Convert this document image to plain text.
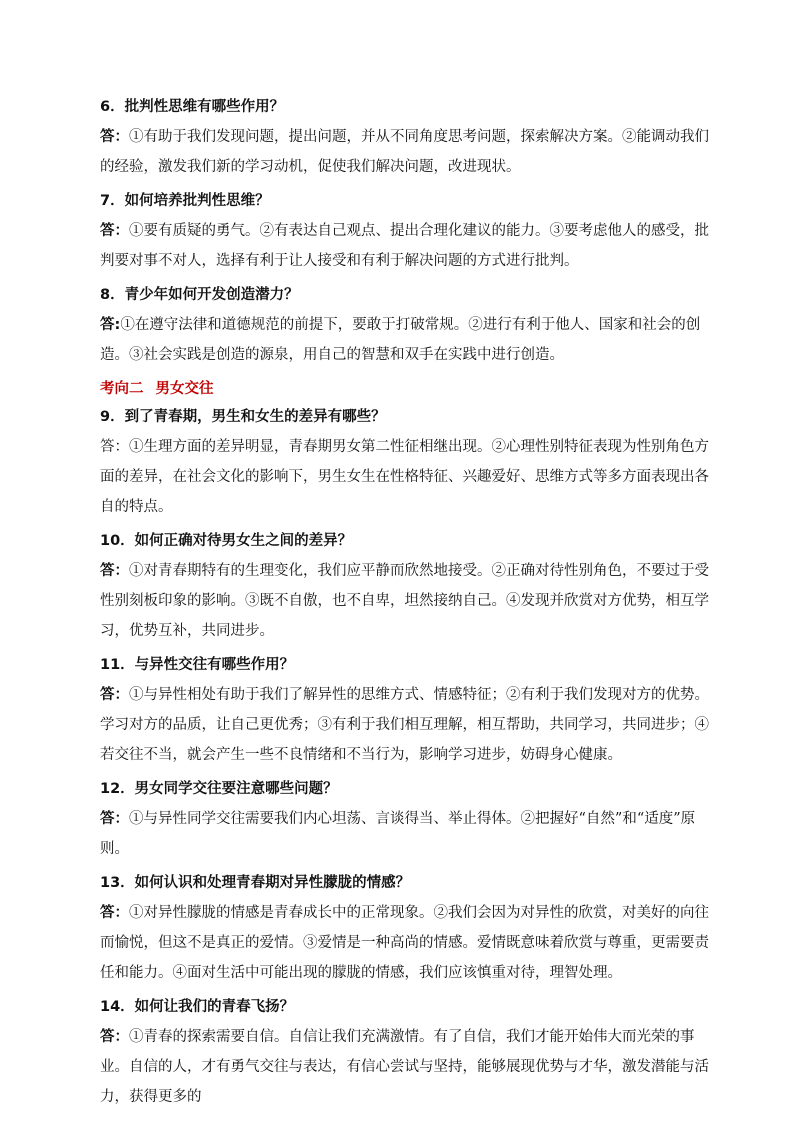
6．批判性思维有哪些作用？

答：①有助于我们发现问题，提出问题，并从不同角度思考问题，探索解决方案。②能调动我们的经验，激发我们新的学习动机，促使我们解决问题，改进现状。

7．如何培养批判性思维？

答：①要有质疑的勇气。②有表达自己观点、提出合理化建议的能力。③要考虑他人的感受，批判要对事不对人，选择有利于让人接受和有利于解决问题的方式进行批判。

8．青少年如何开发创造潜力？

答:①在遵守法律和道德规范的前提下，要敢于打破常规。②进行有利于他人、国家和社会的创造。③社会实践是创造的源泉，用自己的智慧和双手在实践中进行创造。

考向二 男女交往

9．到了青春期，男生和女生的差异有哪些？

答：①生理方面的差异明显，青春期男女第二性征相继出现。②心理性别特征表现为性别角色方面的差异，在社会文化的影响下，男生女生在性格特征、兴趣爱好、思维方式等多方面表现出各自的特点。

10．如何正确对待男女生之间的差异？

答：①对青春期特有的生理变化，我们应平静而欣然地接受。②正确对待性别角色，不要过于受性别刻板印象的影响。③既不自傲，也不自卑，坦然接纳自己。④发现并欣赏对方优势，相互学习，优势互补，共同进步。

11．与异性交往有哪些作用？

答：①与异性相处有助于我们了解异性的思维方式、情感特征；②有利于我们发现对方的优势。学习对方的品质，让自己更优秀；③有利于我们相互理解，相互帮助，共同学习，共同进步；④若交往不当，就会产生一些不良情绪和不当行为，影响学习进步，妨碍身心健康。

12．男女同学交往要注意哪些问题？

答：①与异性同学交往需要我们内心坦荡、言谈得当、举止得体。②把握好“自然”和“适度”原则。

13．如何认识和处理青春期对异性朦胧的情感？

答：①对异性朦胧的情感是青春成长中的正常现象。②我们会因为对异性的欣赏，对美好的向往而愉悦，但这不是真正的爱情。③爱情是一种高尚的情感。爱情既意味着欣赏与尊重，更需要责任和能力。④面对生活中可能出现的朦胧的情感，我们应该慎重对待，理智处理。

14．如何让我们的青春飞扬？

答：①青春的探索需要自信。自信让我们充满激情。有了自信，我们才能开始伟大而光荣的事业。自信的人，才有勇气交往与表达，有信心尝试与坚持，能够展现优势与才华，激发潜能与活力，获得更多的
